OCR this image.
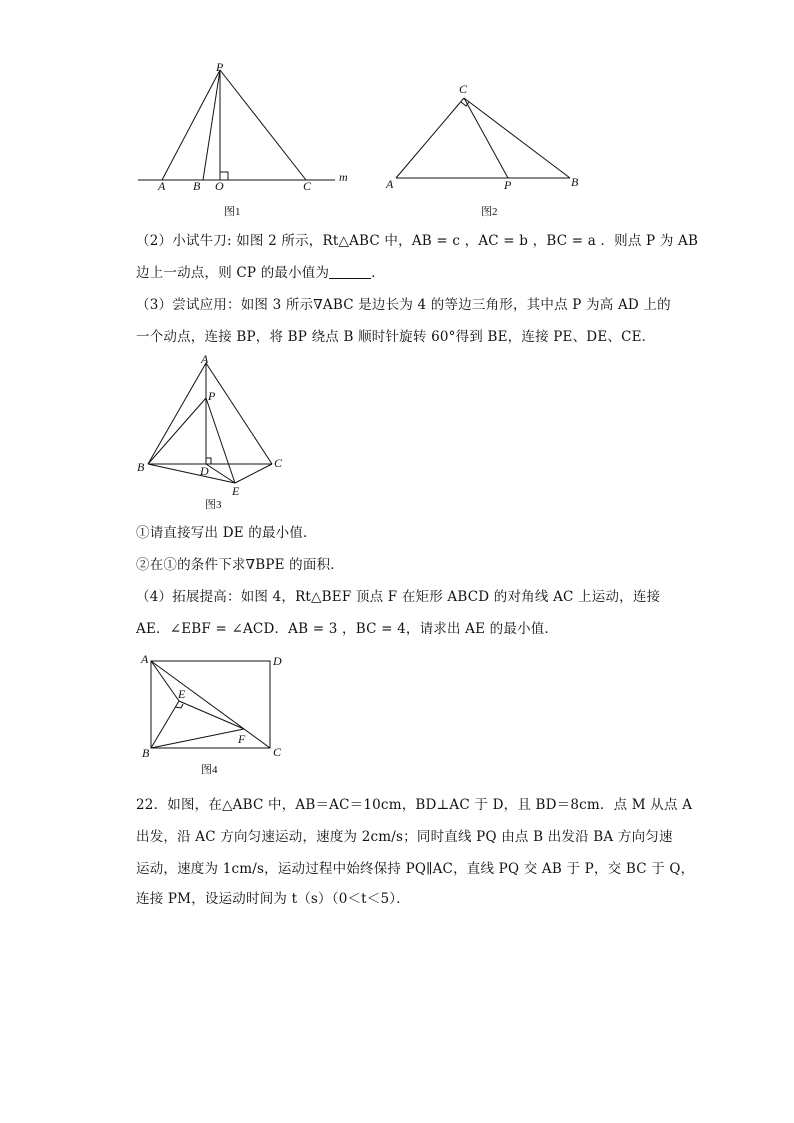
P
A B O	C
m
图1
C
A	P	B
图2
（2）小试牛刀: 如图 2 所示，Rt△ABC 中，AB = c ，AC = b ，BC = a ．则点 P 为 AB
边上一动点，则 CP 的最小值为	．
（3）尝试应用：如图 3 所示∇ABC 是边长为 4 的等边三角形，其中点 P 为高 AD 上的
一个动点，连接 BP，将 BP 绕点 B 顺时针旋转 60°得到 BE，连接 PE、DE、CE．
A
P
B	D
C
E
图3
①请直接写出 DE 的最小值．
②在①的条件下求∇BPE 的面积．
（4）拓展提高：如图 4，Rt△BEF 顶点 F 在矩形 ABCD 的对角线 AC 上运动，连接
AE．∠EBF = ∠ACD．AB = 3 ，BC = 4，请求出 AE 的最小值．
A	D
E
F
B	C
图4
22．如图，在△ABC 中，AB＝AC＝10cm，BD⊥AC 于 D，且 BD＝8cm．点 M 从点 A
出发，沿 AC 方向匀速运动，速度为 2cm/s；同时直线 PQ 由点 B 出发沿 BA 方向匀速
运动，速度为 1cm/s，运动过程中始终保持 PQ∥AC，直线 PQ 交 AB 于 P，交 BC 于 Q，
连接 PM，设运动时间为 t（s）（0＜t＜5）．
